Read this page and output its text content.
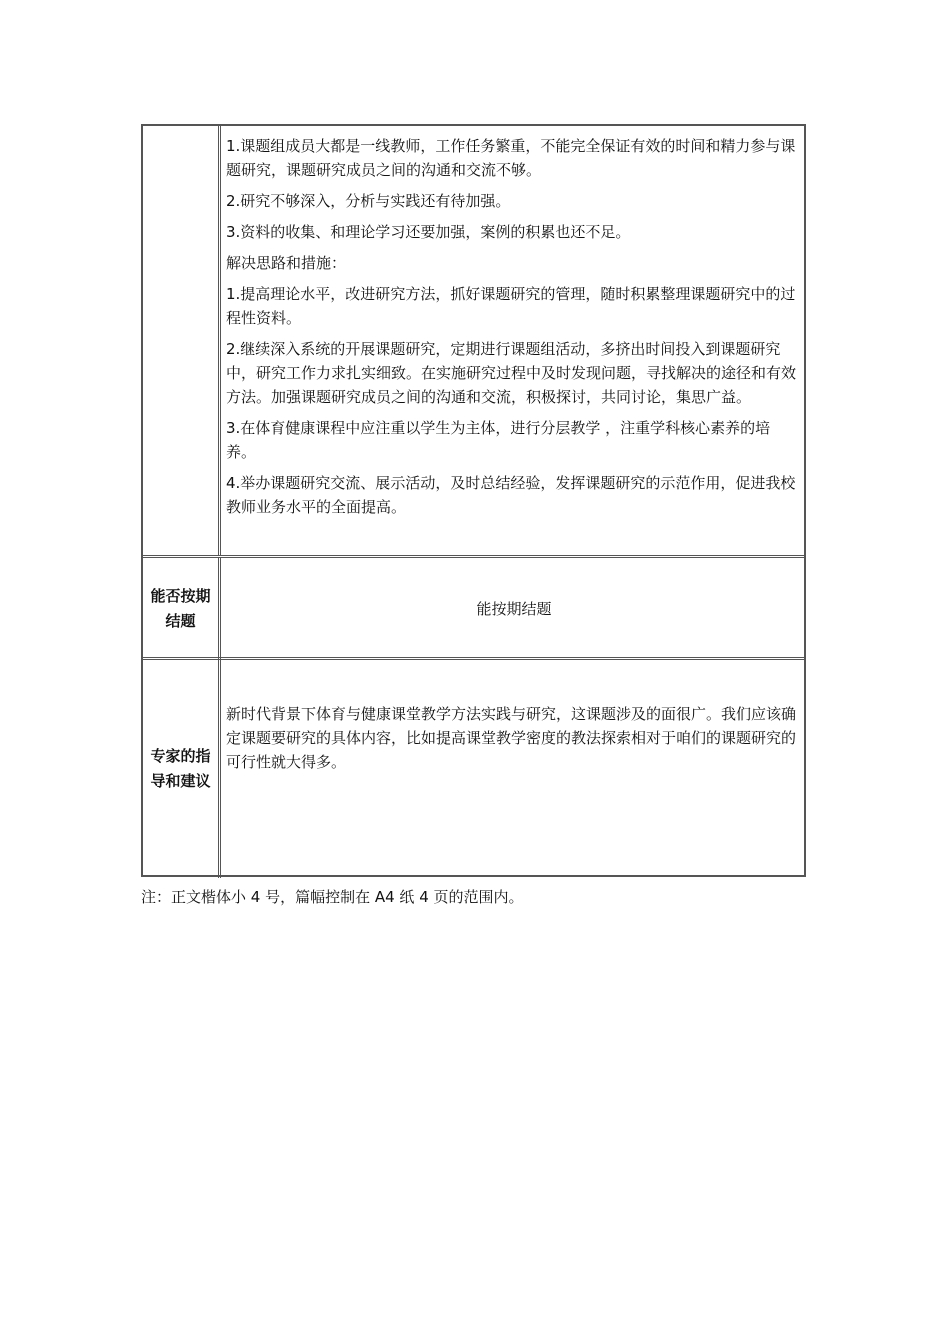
1.课题组成员大都是一线教师，工作任务繁重，不能完全保证有效的时间和精力参与课题研究，课题研究成员之间的沟通和交流不够。

2.研究不够深入，分析与实践还有待加强。

3.资料的收集、和理论学习还要加强，案例的积累也还不足。

解决思路和措施：

1.提高理论水平，改进研究方法，抓好课题研究的管理，随时积累整理课题研究中的过程性资料。

2.继续深入系统的开展课题研究，定期进行课题组活动，多挤出时间投入到课题研究中，研究工作力求扎实细致。在实施研究过程中及时发现问题，寻找解决的途径和有效方法。加强课题研究成员之间的沟通和交流，积极探讨，共同讨论，集思广益。

3.在体育健康课程中应注重以学生为主体，进行分层教学 ，注重学科核心素养的培养。

4.举办课题研究交流、展示活动，及时总结经验，发挥课题研究的示范作用，促进我校教师业务水平的全面提高。

能否按期结题
能按期结题
专家的指导和建议

新时代背景下体育与健康课堂教学方法实践与研究，这课题涉及的面很广。我们应该确定课题要研究的具体内容，比如提高课堂教学密度的教法探索相对于咱们的课题研究的可行性就大得多。

注：正文楷体小 4 号，篇幅控制在 A4 纸 4 页的范围内。
